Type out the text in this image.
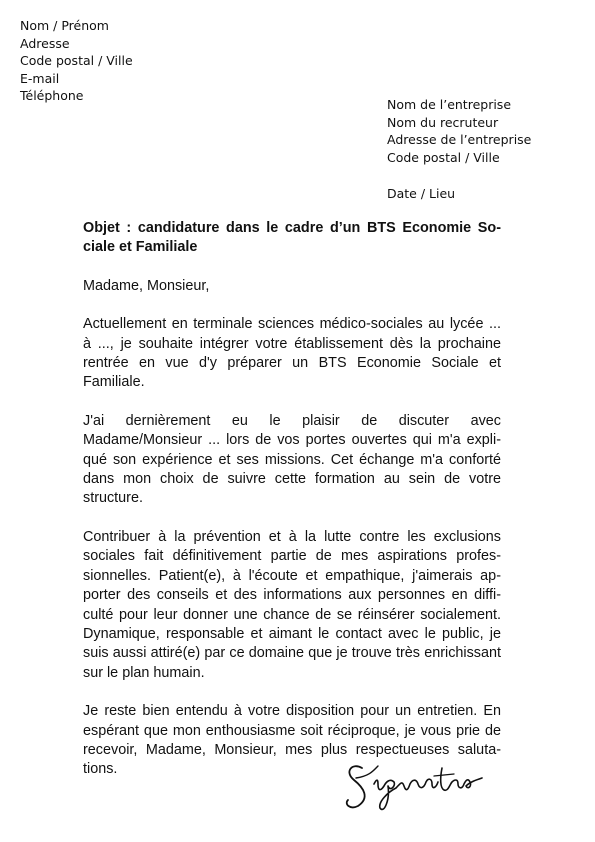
Nom / Prénom
Adresse
Code postal / Ville
E-mail
Téléphone
Nom de l’entreprise
Nom du recruteur
Adresse de l’entreprise
Code postal / Ville
Date / Lieu

Objet : candidature dans le cadre d’un BTS Economie Sociale et Familiale

Madame, Monsieur,

Actuellement en terminale sciences médico-sociales au lycée ... à ..., je souhaite intégrer votre établissement dès la prochaine rentrée en vue d'y préparer un BTS Economie Sociale et Familiale.

J'ai dernièrement eu le plaisir de discuter avec Madame/Monsieur ... lors de vos portes ouvertes qui m'a expliqué son expérience et ses missions. Cet échange m'a conforté dans mon choix de suivre cette formation au sein de votre structure.

Contribuer à la prévention et à la lutte contre les exclusions sociales fait définitivement partie de mes aspirations professionnelles. Patient(e), à l'écoute et empathique, j'aimerais apporter des conseils et des informations aux personnes en difficulté pour leur donner une chance de se réinsérer socialement. Dynamique, responsable et aimant le contact avec le public, je suis aussi attiré(e) par ce domaine que je trouve très enrichissant sur le plan humain.

Je reste bien entendu à votre disposition pour un entretien. En espérant que mon enthousiasme soit réciproque, je vous prie de recevoir, Madame, Monsieur, mes plus respectueuses salutations.
